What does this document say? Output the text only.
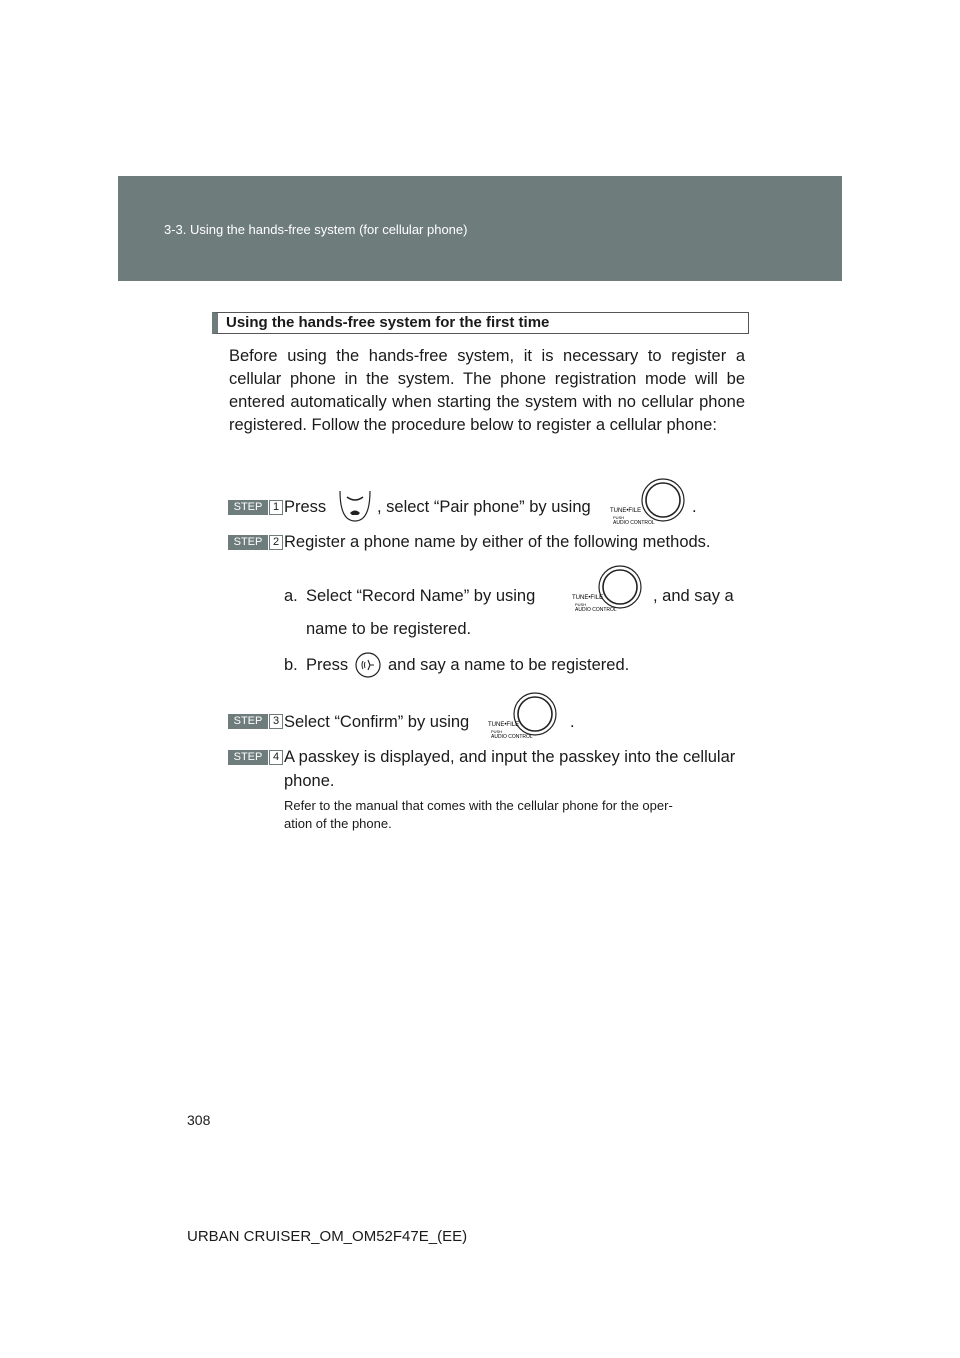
3-3. Using the hands-free system (for cellular phone)
Using the hands-free system for the first time
Before using the hands-free system, it is necessary to register a cellular phone in the system. The phone registration mode will be entered automatically when starting the system with no cellular phone registered. Follow the procedure below to register a cellular phone:
STEP 1 Press	, select “Pair phone” by using	TUNE•FILE
PUSH
AUDIO CONTROL
.
STEP 2 Register a phone name by either of the following methods.
a. Select “Record Name” by using	TUNE•FILE
PUSH
AUDIO CONTROL
, and say a
name to be registered.
b. Press and say a name to be registered.
STEP 3 Select “Confirm” by using	TUNE•FILE
PUSH
AUDIO CONTROL
.
STEP 4 A passkey is displayed, and input the passkey into the cellular
phone.
Refer to the manual that comes with the cellular phone for the oper-
ation of the phone.
308
URBAN CRUISER_OM_OM52F47E_(EE)
